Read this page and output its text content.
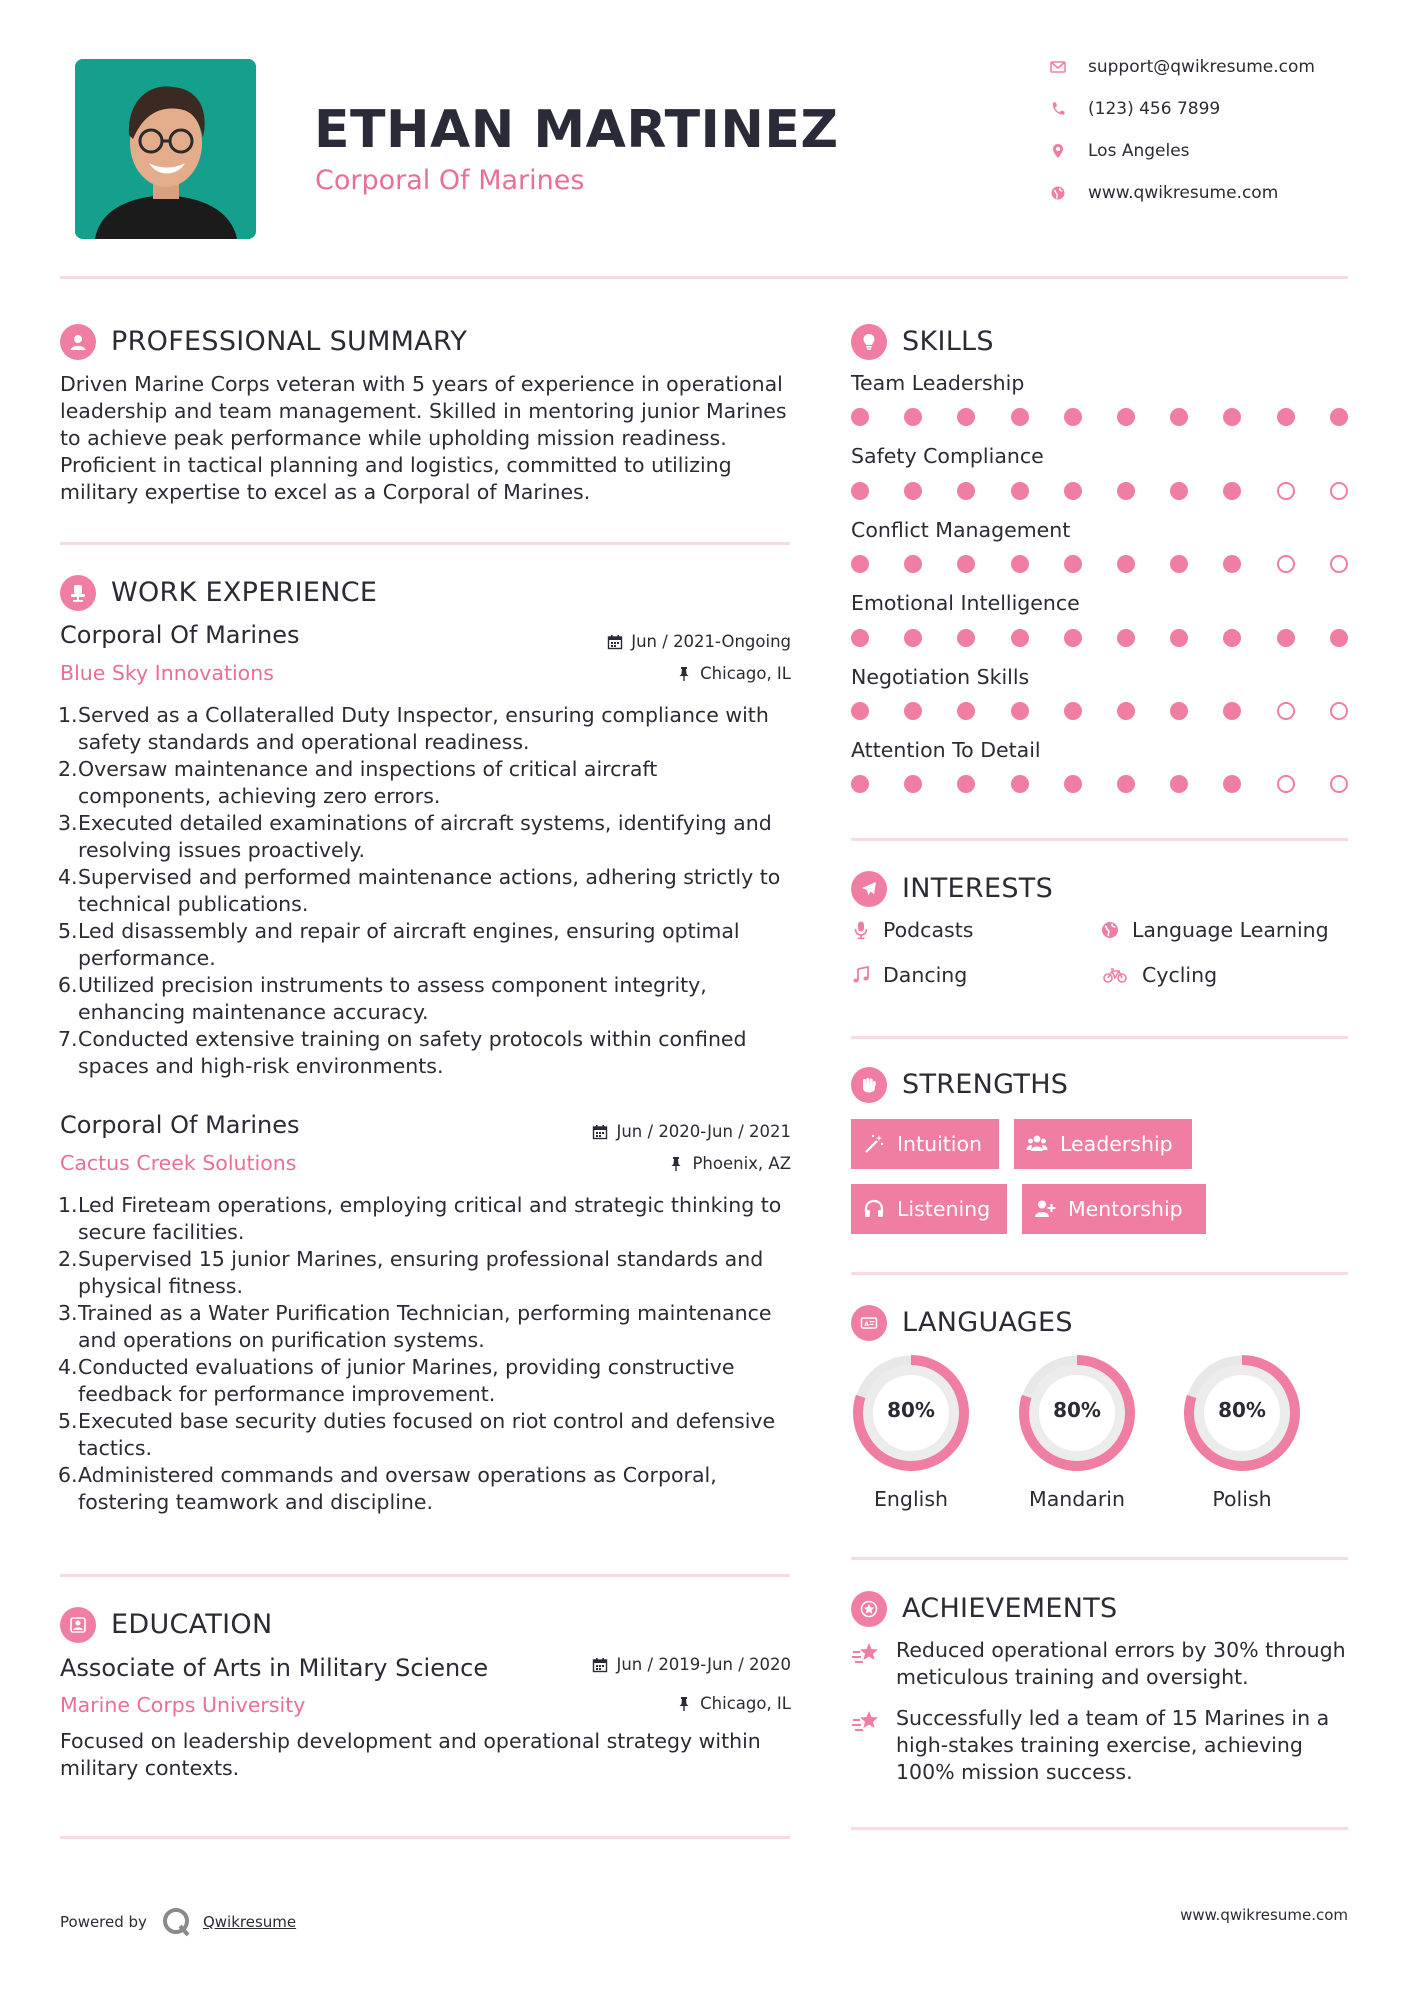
ETHAN MARTINEZ
Corporal Of Marines
support@qwikresume.com
(123) 456 7899
Los Angeles
www.qwikresume.com
PROFESSIONAL SUMMARY
Driven Marine Corps veteran with 5 years of experience in operational leadership and team management. Skilled in mentoring junior Marines to achieve peak performance while upholding mission readiness. Proficient in tactical planning and logistics, committed to utilizing military expertise to excel as a Corporal of Marines.
WORK EXPERIENCE
Corporal Of Marines	Jun / 2021-Ongoing
Blue Sky Innovations	Chicago, IL
Served as a Collateralled Duty Inspector, ensuring compliance with safety standards and operational readiness.
Oversaw maintenance and inspections of critical aircraft components, achieving zero errors.
Executed detailed examinations of aircraft systems, identifying and resolving issues proactively.
Supervised and performed maintenance actions, adhering strictly to technical publications.
Led disassembly and repair of aircraft engines, ensuring optimal performance.
Utilized precision instruments to assess component integrity, enhancing maintenance accuracy.
Conducted extensive training on safety protocols within confined spaces and high-risk environments.
Corporal Of Marines	Jun / 2020-Jun / 2021
Cactus Creek Solutions	Phoenix, AZ
Led Fireteam operations, employing critical and strategic thinking to secure facilities.
Supervised 15 junior Marines, ensuring professional standards and physical fitness.
Trained as a Water Purification Technician, performing maintenance and operations on purification systems.
Conducted evaluations of junior Marines, providing constructive feedback for performance improvement.
Executed base security duties focused on riot control and defensive tactics.
Administered commands and oversaw operations as Corporal, fostering teamwork and discipline.
EDUCATION
Associate of Arts in Military Science	Jun / 2019-Jun / 2020
Marine Corps University	Chicago, IL
Focused on leadership development and operational strategy within military contexts.
SKILLS
Team Leadership
Safety Compliance
Conflict Management
Emotional Intelligence
Negotiation Skills
Attention To Detail
INTERESTS
Podcasts	Language Learning
Dancing	Cycling
STRENGTHS
Intuition	Leadership
Listening	Mentorship
A LANGUAGES
80%
English
80%
Mandarin
80%
Polish
ACHIEVEMENTS
Reduced operational errors by 30% through meticulous training and oversight.
Successfully led a team of 15 Marines in a high-stakes training exercise, achieving 100% mission success.
Powered by	Qwikresume	www.qwikresume.com
